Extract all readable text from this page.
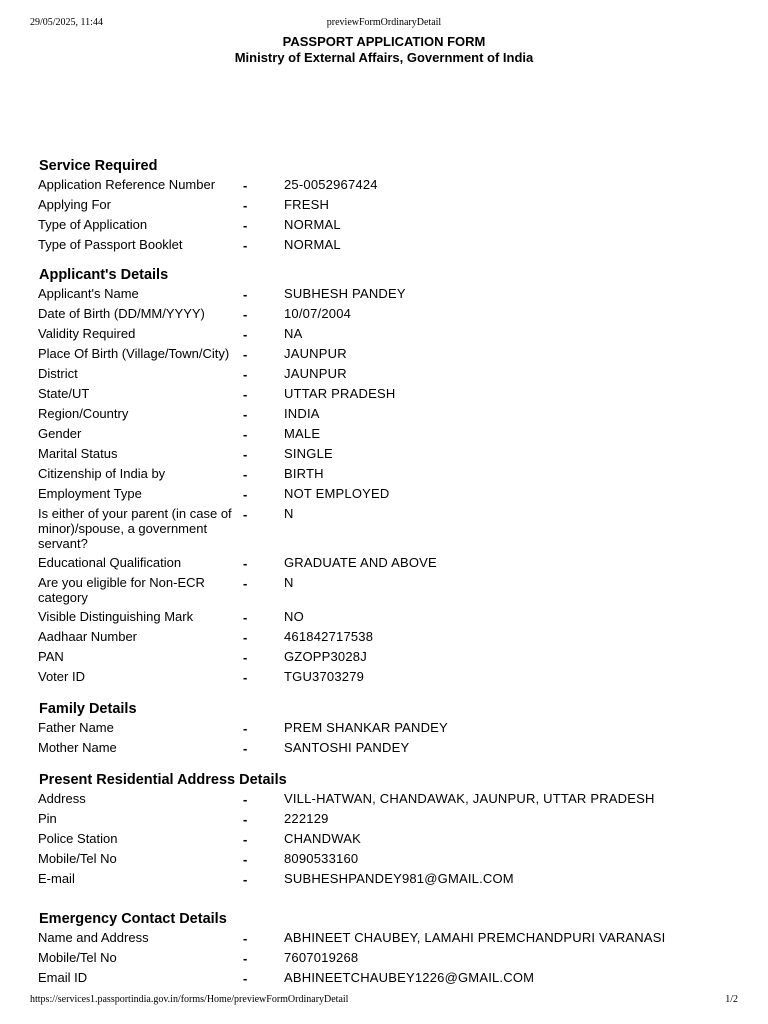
previewFormOrdinaryDetail
29/05/2025, 11:44
PASSPORT APPLICATION FORM
Ministry of External Affairs, Government of India
Service Required
Application Reference Number	-	25-0052967424
Applying For	-	FRESH
Type of Application	-	NORMAL
Type of Passport Booklet	-	NORMAL
Applicant's Details
Applicant's Name	-	SUBHESH PANDEY
Date of Birth (DD/MM/YYYY)	-	10/07/2004
Validity Required	-	NA
Place Of Birth (Village/Town/City)	-	JAUNPUR
District	-	JAUNPUR
State/UT	-	UTTAR PRADESH
Region/Country	-	INDIA
Gender	-	MALE
Marital Status	-	SINGLE
Citizenship of India by	-	BIRTH
Employment Type	-	NOT EMPLOYED
Is either of your parent (in case of minor)/spouse, a government servant?
-	N
Educational Qualification	-	GRADUATE AND ABOVE
Are you eligible for Non-ECR category
-	N
Visible Distinguishing Mark	-	NO
Aadhaar Number	-	461842717538
PAN	-	GZOPP3028J
Voter ID	-	TGU3703279
Family Details
Father Name	-	PREM SHANKAR PANDEY
Mother Name	-	SANTOSHI PANDEY
Present Residential Address Details
Address	-	VILL-HATWAN, CHANDAWAK, JAUNPUR, UTTAR PRADESH
Pin	-	222129
Police Station	-	CHANDWAK
Mobile/Tel No	-	8090533160
E-mail	-	SUBHESHPANDEY981@GMAIL.COM
Emergency Contact Details
Name and Address	-	ABHINEET CHAUBEY, LAMAHI PREMCHANDPURI VARANASI
Mobile/Tel No	-	7607019268
Email ID	-	ABHINEETCHAUBEY1226@GMAIL.COM
https://services1.passportindia.gov.in/forms/Home/previewFormOrdinaryDetail	1/2
